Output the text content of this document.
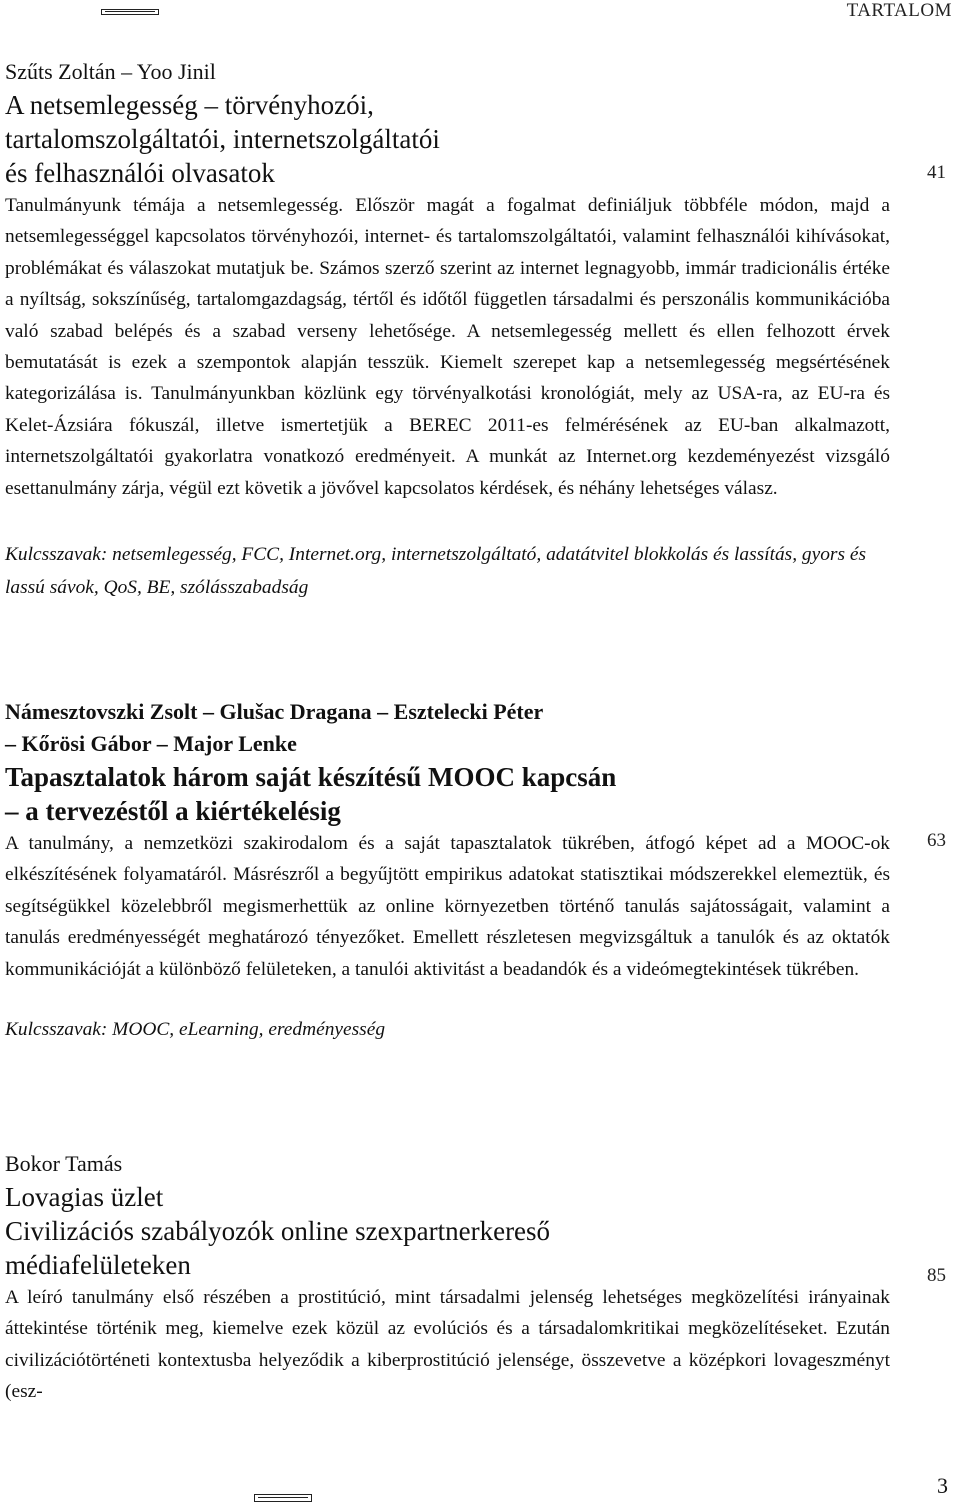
TARTALOM

Szűts Zoltán – Yoo Jinil

A netsemlegesség – törvényhozói,
tartalomszolgáltatói, internetszolgáltatói
és felhasználói olvasatok

Tanulmányunk témája a netsemlegesség. Először magát a fogalmat definiáljuk többféle módon, majd a netsemlegességgel kapcsolatos törvényhozói, internet- és tartalomszolgáltatói, valamint felhasználói kihívásokat, problémákat és válaszokat mutatjuk be. Számos szerző szerint az internet legnagyobb, immár tradicionális értéke a nyíltság, sokszínűség, tartalomgazdagság, tértől és időtől független társadalmi és perszonális kommunikációba való szabad belépés és a szabad verseny lehetősége. A netsemlegesség mellett és ellen felhozott érvek bemutatását is ezek a szempontok alapján tesszük. Kiemelt szerepet kap a netsemlegesség megsértésének kategorizálása is. Tanulmányunkban közlünk egy törvényalkotási kronológiát, mely az USA-ra, az EU-ra és Kelet-Ázsiára fókuszál, illetve ismertetjük a BEREC 2011-es felmérésének az EU-ban alkalmazott, internetszolgáltatói gyakorlatra vonatkozó eredményeit. A munkát az Internet.org kezdeményezést vizsgáló esettanulmány zárja, végül ezt követik a jövővel kapcsolatos kérdések, és néhány lehetséges válasz.

Kulcsszavak: netsemlegesség, FCC, Internet.org, internetszolgáltató, adatátvitel blokkolás és lassítás, gyors és lassú sávok, QoS, BE, szólásszabadság

Námesztovszki Zsolt – Glušac Dragana – Esztelecki Péter

– Kőrösi Gábor – Major Lenke

Tapasztalatok három saját készítésű MOOC kapcsán
– a tervezéstől a kiértékelésig

A tanulmány, a nemzetközi szakirodalom és a saját tapasztalatok tükrében, átfogó képet ad a MOOC-ok elkészítésének folyamatáról. Másrészről a begyűjtött empirikus adatokat statisztikai módszerekkel elemeztük, és segítségükkel közelebbről megismerhettük az online környezetben történő tanulás sajátosságait, valamint a tanulás eredményességét meghatározó tényezőket. Emellett részletesen megvizsgáltuk a tanulók és az oktatók kommunikációját a különböző felületeken, a tanulói aktivitást a beadandók és a videómegtekintések tükrében.

Kulcsszavak: MOOC, eLearning, eredményesség

Bokor Tamás

Lovagias üzlet
Civilizációs szabályozók online szexpartnerkereső
médiafelületeken

A leíró tanulmány első részében a prostitúció, mint társadalmi jelenség lehetséges megközelítési irányainak áttekintése történik meg, kiemelve ezek közül az evolúciós és a társadalomkritikai megközelítéseket. Ezután civilizációtörténeti kontextusba helyeződik a kiberprostitúció jelensége, összevetve a középkori lovageszményt (esz-

41
63
85
3
